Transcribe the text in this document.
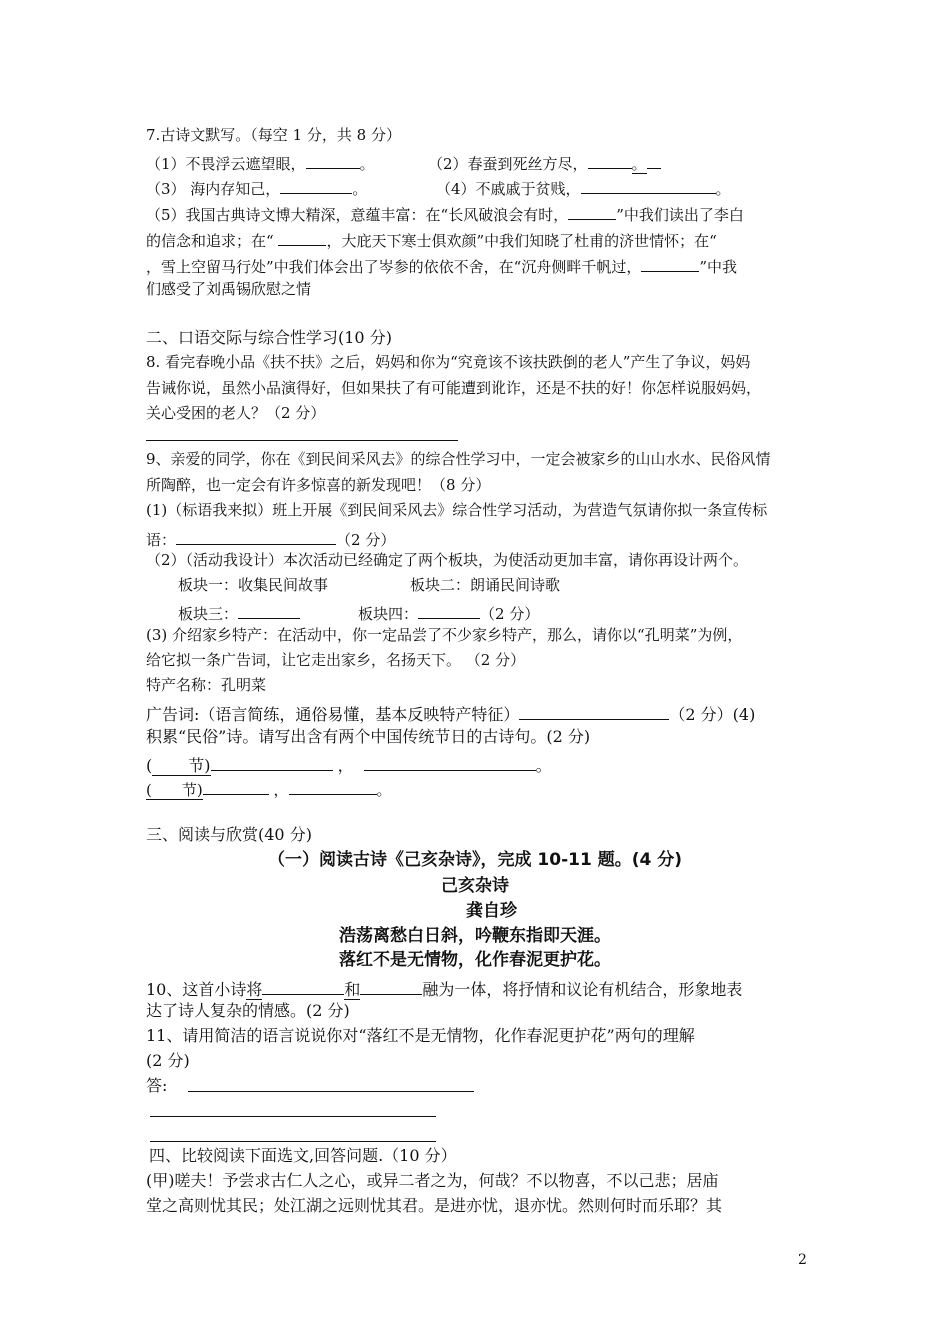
7.古诗文默写。（每空 1 分，共 8 分）
（1）不畏浮云遮望眼，	。	（2）春蚕到死丝方尽，	。
（3） 海内存知己，	。	（4）不戚戚于贫贱，	。
（5）我国古典诗文博大精深，意蕴丰富：在“长风破浪会有时，	”中我们读出了李白
的信念和追求；在“	，大庇天下寒士俱欢颜”中我们知晓了杜甫的济世情怀；在“
，雪上空留马行处”中我们体会出了岑参的依依不舍，在“沉舟侧畔千帆过，	”中我
们感受了刘禹锡欣慰之情
二、口语交际与综合性学习(10 分)
8. 看完春晚小品《扶不扶》之后，妈妈和你为“究竟该不该扶跌倒的老人”产生了争议，妈妈
告诫你说，虽然小品演得好，但如果扶了有可能遭到讹诈，还是不扶的好！你怎样说服妈妈，
关心受困的老人？（2 分）
9、亲爱的同学，你在《到民间采风去》的综合性学习中，一定会被家乡的山山水水、民俗风情
所陶醉，也一定会有许多惊喜的新发现吧！（8 分）
(1)（标语我来拟）班上开展《到民间采风去》综合性学习活动，为营造气氛请你拟一条宣传标
语：	（2 分）
（2）（活动我设计）本次活动已经确定了两个板块，为使活动更加丰富，请你再设计两个。
板块一：收集民间故事	板块二：朗诵民间诗歌
板块三：	板块四：	（2 分）
(3) 介绍家乡特产：在活动中，你一定品尝了不少家乡特产，那么，请你以“孔明菜”为例，
给它拟一条广告词，让它走出家乡，名扬天下。 （2 分）
特产名称：孔明菜
广告词:（语言简练，通俗易懂，基本反映特产特征）	（2 分）(4)
积累“民俗”诗。请写出含有两个中国传统节日的古诗句。(2 分)
( 节)	，	。
( 节)	，	。
三、阅读与欣赏(40 分)
（一）阅读古诗《己亥杂诗》，完成 10-11 题。(4 分)
己亥杂诗
龚自珍
浩荡离愁白日斜，吟鞭东指即天涯。
落红不是无情物，化作春泥更护花。
10、这首小诗将	和	融为一体，将抒情和议论有机结合，形象地表
达了诗人复杂的情感。(2 分)
11、请用简洁的语言说说你对“落红不是无情物，化作春泥更护花”两句的理解
(2 分)
答:
四、比较阅读下面选文,回答问题.（10 分）
(甲)嗟夫！予尝求古仁人之心，或异二者之为，何哉？不以物喜，不以己悲；居庙
堂之高则忧其民；处江湖之远则忧其君。是进亦忧，退亦忧。然则何时而乐耶？其
2
